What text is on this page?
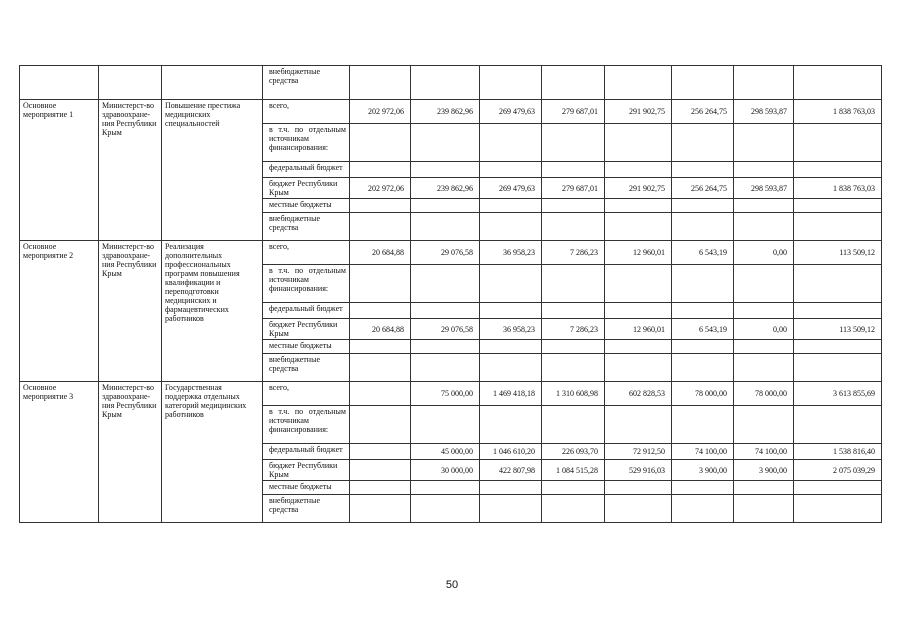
			внебюджетные средства								
Основное мероприятие 1	Министерст-во здравоохране-ния Республики Крым	Повышение престижа медицинских специальностей	всего,	202 972,06	239 862,96	269 479,63	279 687,01	291 902,75	256 264,75	298 593,87	1 838 763,03
			в т.ч. по отдельным источникам финансирования:								
			федеральный бюджет								
			бюджет Республики Крым	202 972,06	239 862,96	269 479,63	279 687,01	291 902,75	256 264,75	298 593,87	1 838 763,03
			местные бюджеты								
			внебюджетные средства								
Основное мероприятие 2	Министерст-во здравоохране-ния Республики Крым	Реализация дополнительных профессиональных программ повышения квалификации и переподготовки медицинских и фармацевтических работников	всего,	20 684,88	29 076,58	36 958,23	7 286,23	12 960,01	6 543,19	0,00	113 509,12
			в т.ч. по отдельным источникам финансирования:								
			федеральный бюджет								
			бюджет Республики Крым	20 684,88	29 076,58	36 958,23	7 286,23	12 960,01	6 543,19	0,00	113 509,12
			местные бюджеты								
			внебюджетные средства								
Основное мероприятие 3	Министерст-во здравоохране-ния Республики Крым	Государственная поддержка отдельных категорий медицинских работников	всего,		75 000,00	1 469 418,18	1 310 608,98	602 828,53	78 000,00	78 000,00	3 613 855,69
			в т.ч. по отдельным источникам финансирования:								
			федеральный бюджет		45 000,00	1 046 610,20	226 093,70	72 912,50	74 100,00	74 100,00	1 538 816,40
			бюджет Республики Крым		30 000,00	422 807,98	1 084 515,28	529 916,03	3 900,00	3 900,00	2 075 039,29
			местные бюджеты								
			внебюджетные средства								
50
